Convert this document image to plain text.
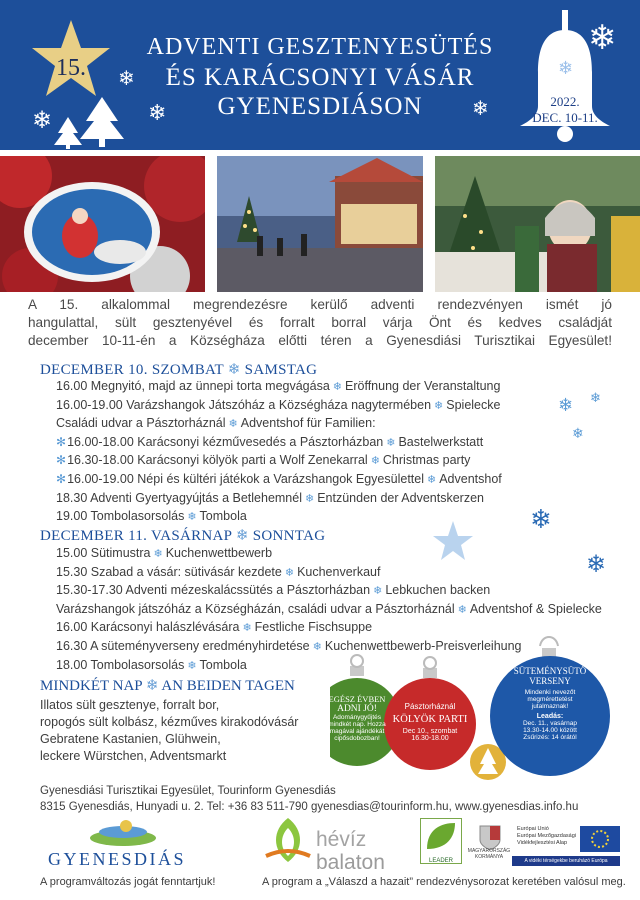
15.
ADVENTI GESZTENYESÜTÉS
ÉS KARÁCSONYI VÁSÁR
GYENESDIÁSON	2022.
DEC. 10-11.
❄
❄	❄	❄
❄
❄
A 15. alkalommal megrendezésre kerülő adventi rendezvényen ismét jó
hangulattal, sült gesztenyével és forralt borral várja Önt és kedves családját
december 10-11-én a Községháza előtti téren a Gyenesdiási Turisztikai Egyesület!
DECEMBER 10. SZOMBAT ❄ SAMSTAG
16.00 Megnyitó, majd az ünnepi torta megvágása ❄ Eröffnung der Veranstaltung
16.00-19.00 Varázshangok Játszóház a Községháza nagytermében ❄ Spielecke
Családi udvar a Pásztorháznál ❄ Adventshof für Familien:
✻16.00-18.00 Karácsonyi kézművesedés a Pásztorházban ❄ Bastelwerkstatt
✻16.30-18.00 Karácsonyi kölyök parti a Wolf Zenekarral ❄ Christmas party
✻16.00-19.00 Népi és kültéri játékok a Varázshangok Egyesülettel ❄ Adventshof
18.30 Adventi Gyertyagyújtás a Betlehemnél ❄ Entzünden der Adventskerzen
19.00 Tombolasorsolás ❄ Tombola
❄ ❄
❄
❄
❄
DECEMBER 11. VASÁRNAP ❄ SONNTAG
15.00 Sütimustra ❄ Kuchenwettbewerb
15.30 Szabad a vásár: sütivásár kezdete ❄ Kuchenverkauf
15.30-17.30 Adventi mézeskalácssütés a Pásztorházban ❄ Lebkuchen backen
Varázshangok játszóház a Községházán, családi udvar a Pásztorháznál ❄ Adventshof & Spielecke
16.00 Karácsonyi halászlévására ❄ Festliche Fischsuppe
16.30 A süteményverseny eredményhirdetése ❄ Kuchenwettbewerb-Preisverleihung
18.00 Tombolasorsolás ❄ Tombola
MINDKÉT NAP ❄ AN BEIDEN TAGEN
Illatos sült gesztenye, forralt bor,
ropogós sült kolbász, kézműves kirakodóvásár
Gebratene Kastanien, Glühwein,
leckere Würstchen, Adventsmarkt
EGÉSZ ÉVBEN
ADNI JÓ!
Adománygyűjtés
mindkét nap. Hozza
magával ajándékát
cipősdobozban!
Pásztorháznál
KÖLYÖK PARTI
Dec 10., szombat
16.30-18.00
SÜTEMÉNYSÜTŐ
VERSENY
Mindenki nevezőt
megmérettetést
jutalmaznak!
Leadás:
Dec. 11., vasárnap
13.30-14.00 között
Zsűrizés: 14 órától
Gyenesdiási Turisztikai Egyesület, Tourinform Gyenesdiás
8315 Gyenesdiás, Hunyadi u. 2. Tel: +36 83 511-790 gyenesdias@tourinform.hu, www.gyenesdias.info.hu
LEADER	A vidéki térségekbe beruházó Európa
Európai Unió
Európai Mezőgazdasági
Vidékfejlesztési Alap
MAGYARORSZÁG KORMÁNYA
GYENESDIÁS
hévíz
balaton
A programváltozás jogát fenntartjuk!	A program a „Válaszd a hazait” rendezvénysorozat keretében valósul meg.
